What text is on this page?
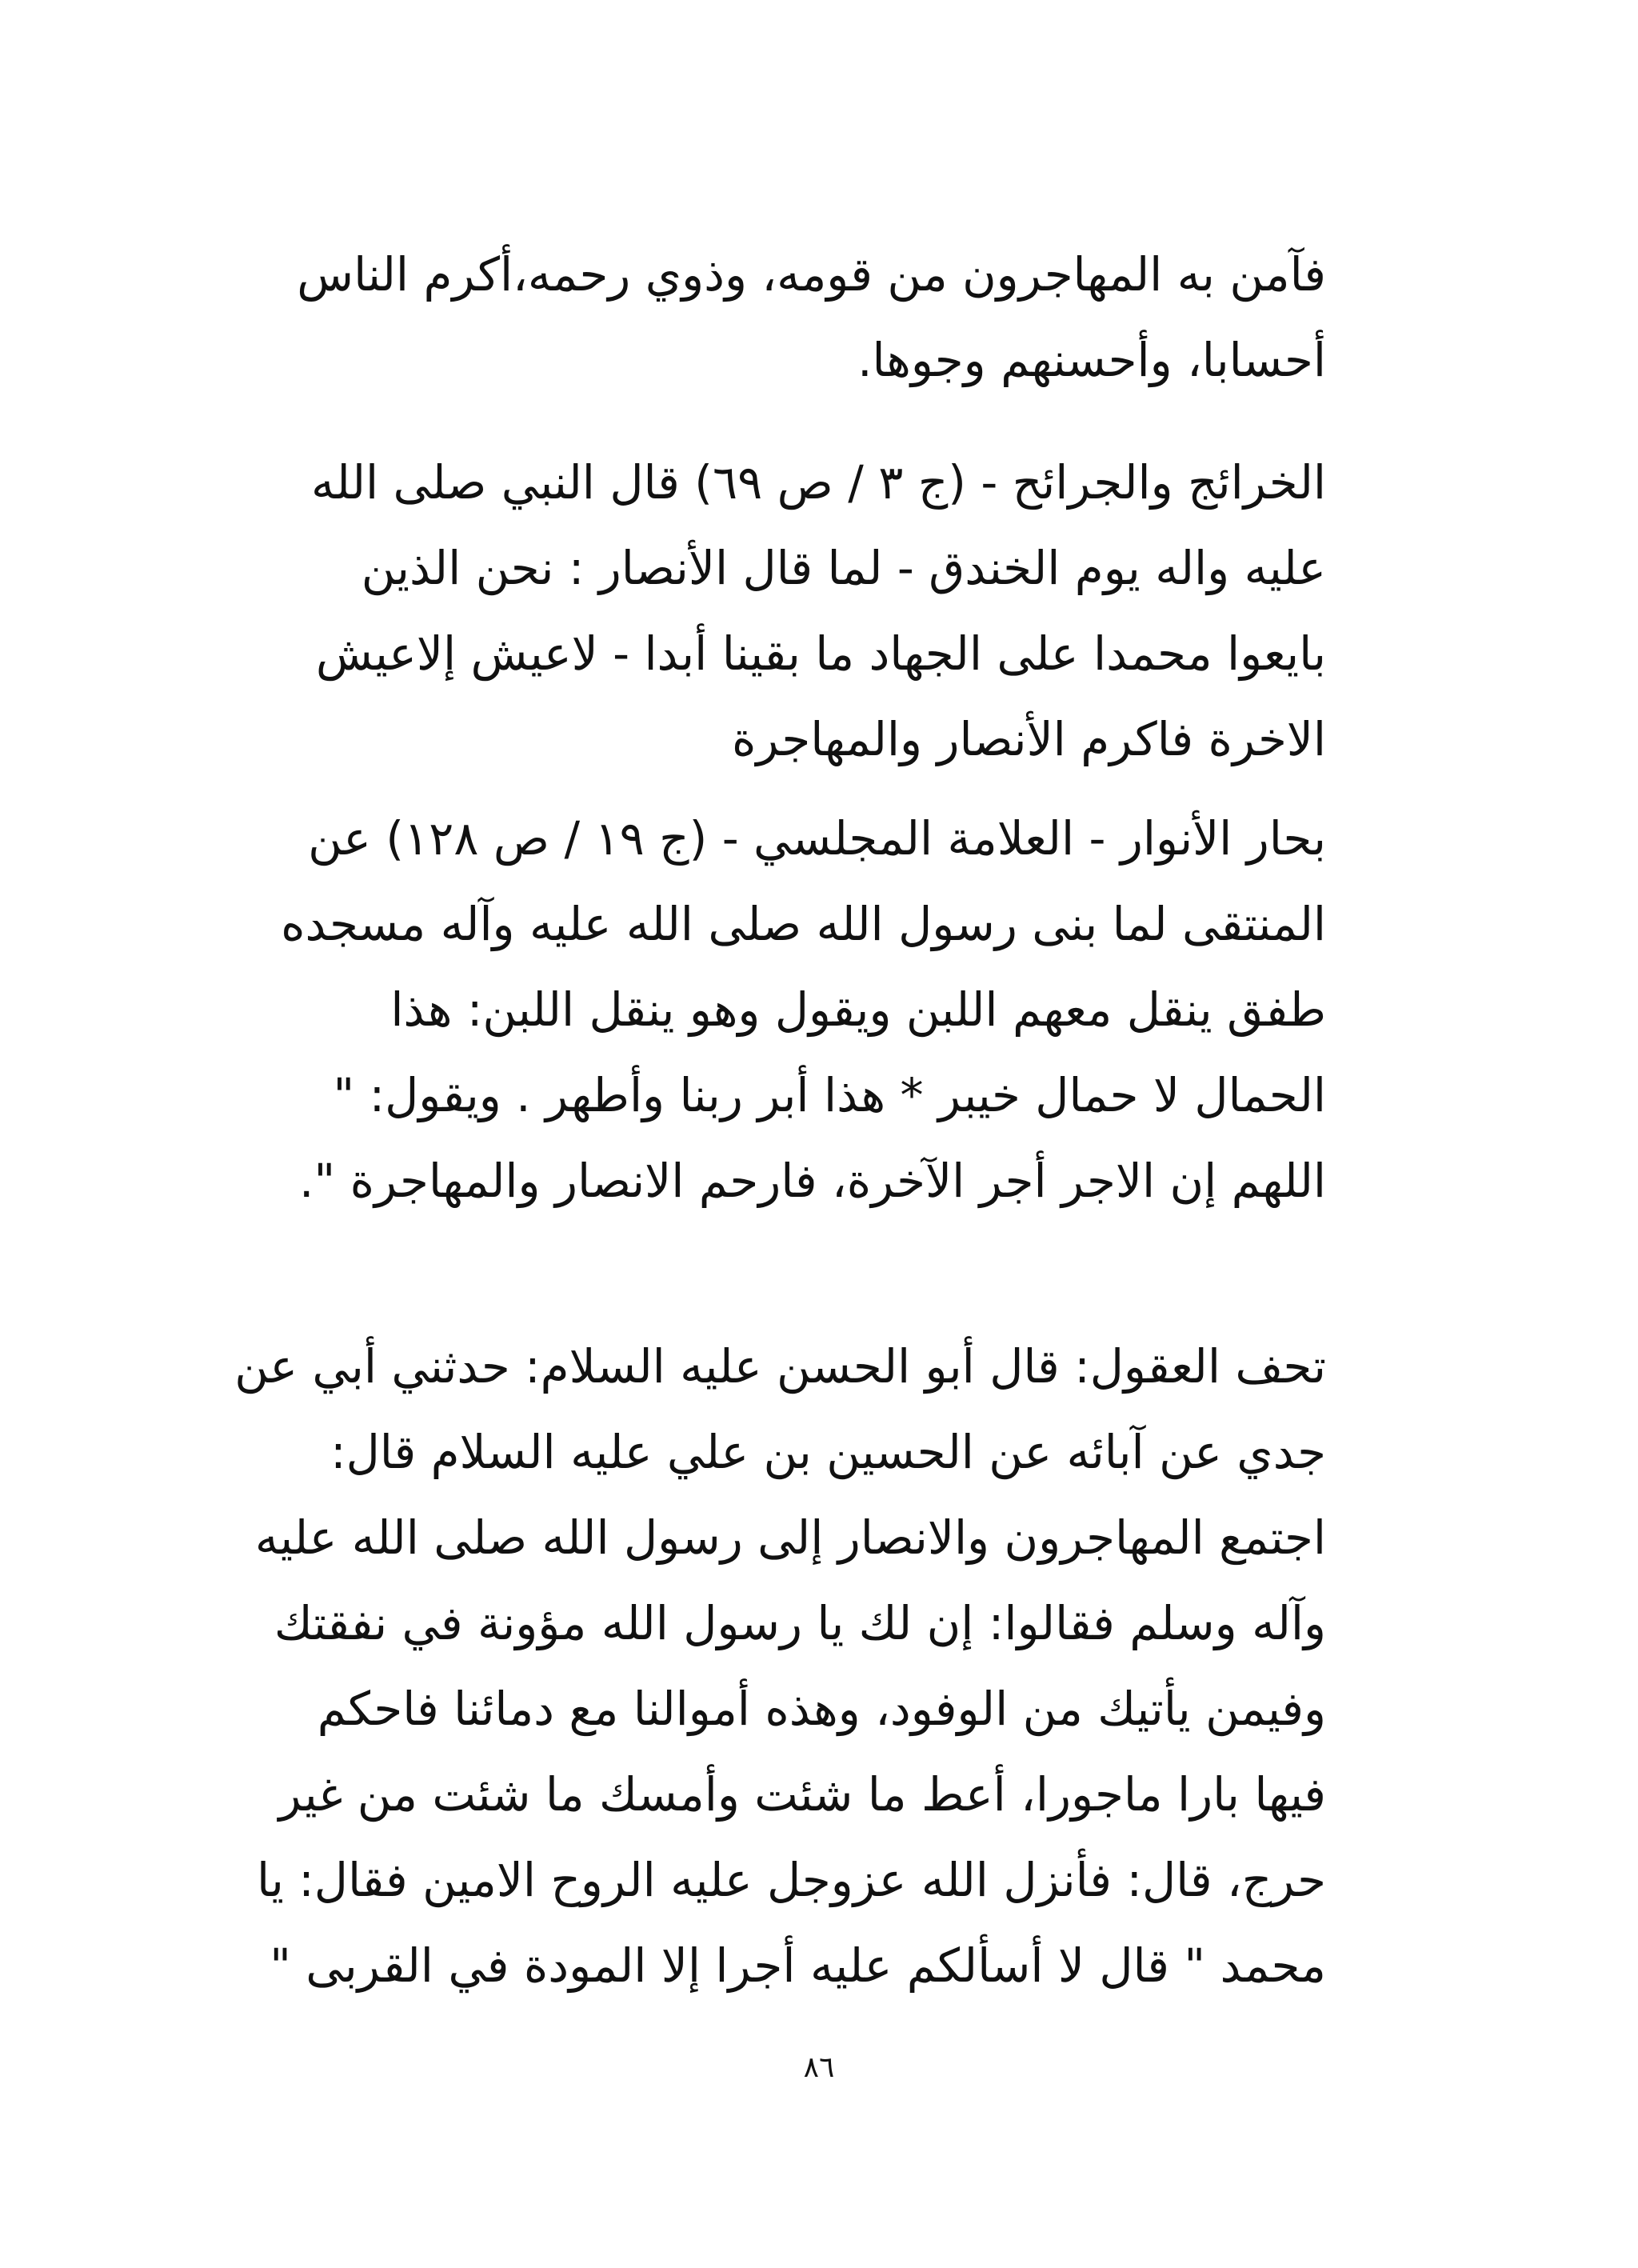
فآمن به المهاجرون من قومه، وذوي رحمه،أكرم الناس
أحسابا، وأحسنهم وجوها.
الخرائج والجرائح - (ج ٣ / ص ٦٩) قال النبي صلى الله
عليه واله يوم الخندق - لما قال الأنصار : نحن الذين
بايعوا محمدا على الجهاد ما بقينا أبدا - لاعيش إلاعيش
الاخرة فاكرم الأنصار والمهاجرة
بحار الأنوار - العلامة المجلسي - (ج ١٩ / ص ١٢٨) عن
المنتقى لما بنى رسول الله صلى الله عليه وآله مسجده
طفق ينقل معهم اللبن ويقول وهو ينقل اللبن: هذا
الحمال لا حمال خيبر * هذا أبر ربنا وأطهر . ويقول: "
اللهم إن الاجر أجر الآخرة، فارحم الانصار والمهاجرة ".
تحف العقول: قال أبو الحسن عليه السلام: حدثني أبي عن
جدي عن آبائه عن الحسين بن علي عليه السلام قال:
اجتمع المهاجرون والانصار إلى رسول الله صلى الله عليه
وآله وسلم فقالوا: إن لك يا رسول الله مؤونة في نفقتك
وفيمن يأتيك من الوفود، وهذه أموالنا مع دمائنا فاحكم
فيها بارا ماجورا، أعط ما شئت وأمسك ما شئت من غير
حرج، قال: فأنزل الله عزوجل عليه الروح الامين فقال: يا
محمد " قال لا أسألكم عليه أجرا إلا المودة في القربى "
٨٦
